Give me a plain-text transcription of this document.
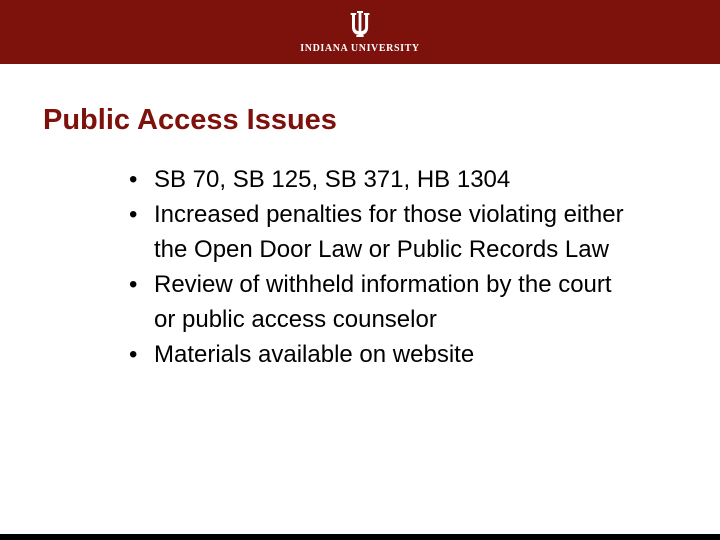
INDIANA UNIVERSITY
Public Access Issues
• SB 70, SB 125, SB 371, HB 1304
• Increased penalties for those violating either the Open Door Law or Public Records Law
• Review of withheld information by the court or public access counselor
• Materials available on website
